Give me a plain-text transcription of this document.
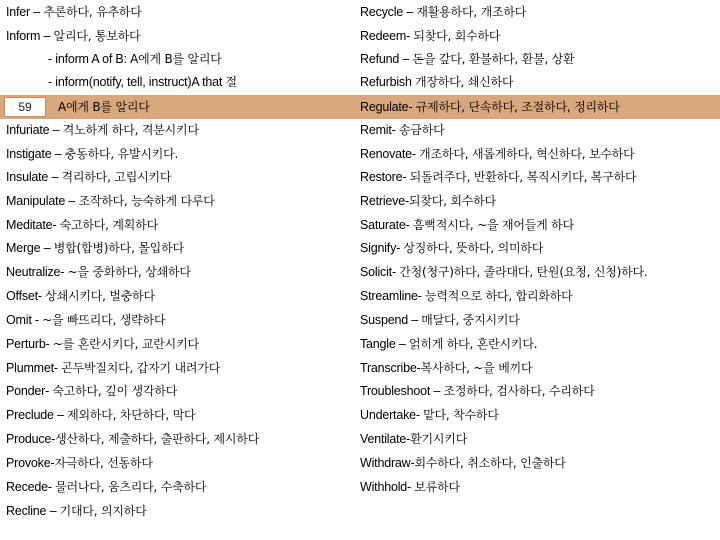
59
Infer – 추론하다, 유추하다
Inform – 알리다, 통보하다
- inform A of B: A에게 B를 알리다
- inform(notify, tell, instruct)A that 절
A에게 B를 알리다
Infuriate – 격노하게 하다, 격분시키다
Instigate – 충동하다, 유발시키다.
Insulate – 격리하다, 고립시키다
Manipulate – 조작하다, 능숙하게 다루다
Meditate- 숙고하다, 계획하다
Merge – 병합(합병)하다, 몰입하다
Neutralize- ~을 중화하다, 상쇄하다
Offset- 상쇄시키다, 벌충하다
Omit - ~을 빠뜨리다, 생략하다
Perturb- ~를 혼란시키다, 교란시키다
Plummet- 곤두박질치다, 갑자기 내려가다
Ponder- 숙고하다, 깊이 생각하다
Preclude – 제외하다, 차단하다, 막다
Produce-생산하다, 제출하다, 출판하다, 제시하다
Provoke-자극하다, 선동하다
Recede- 물러나다, 움츠리다, 수축하다
Recline – 기대다, 의지하다
Recycle – 재활용하다, 개조하다
Redeem- 되찾다, 회수하다
Refund – 돈을 갚다, 환불하다, 환불, 상환
Refurbish 개장하다, 쇄신하다
Regulate- 규제하다, 단속하다, 조절하다, 정리하다
Remit- 송금하다
Renovate- 개조하다, 새롭게하다, 혁신하다, 보수하다
Restore- 되돌려주다, 반환하다, 복직시키다, 복구하다
Retrieve-되찾다, 회수하다
Saturate- 흠뻑적시다, ~을 재어들게 하다
Signify- 상징하다, 뜻하다, 의미하다
Solicit- 간청(청구)하다, 졸라대다, 탄원(요청, 신청)하다.
Streamline- 능력적으로 하다, 합리화하다
Suspend – 매달다, 중지시키다
Tangle – 얽히게 하다, 혼란시키다.
Transcribe-복사하다, ~을 베끼다
Troubleshoot – 조정하다, 검사하다, 수리하다
Undertake- 맡다, 착수하다
Ventilate-환기시키다
Withdraw-회수하다, 취소하다, 인출하다
Withhold- 보류하다
